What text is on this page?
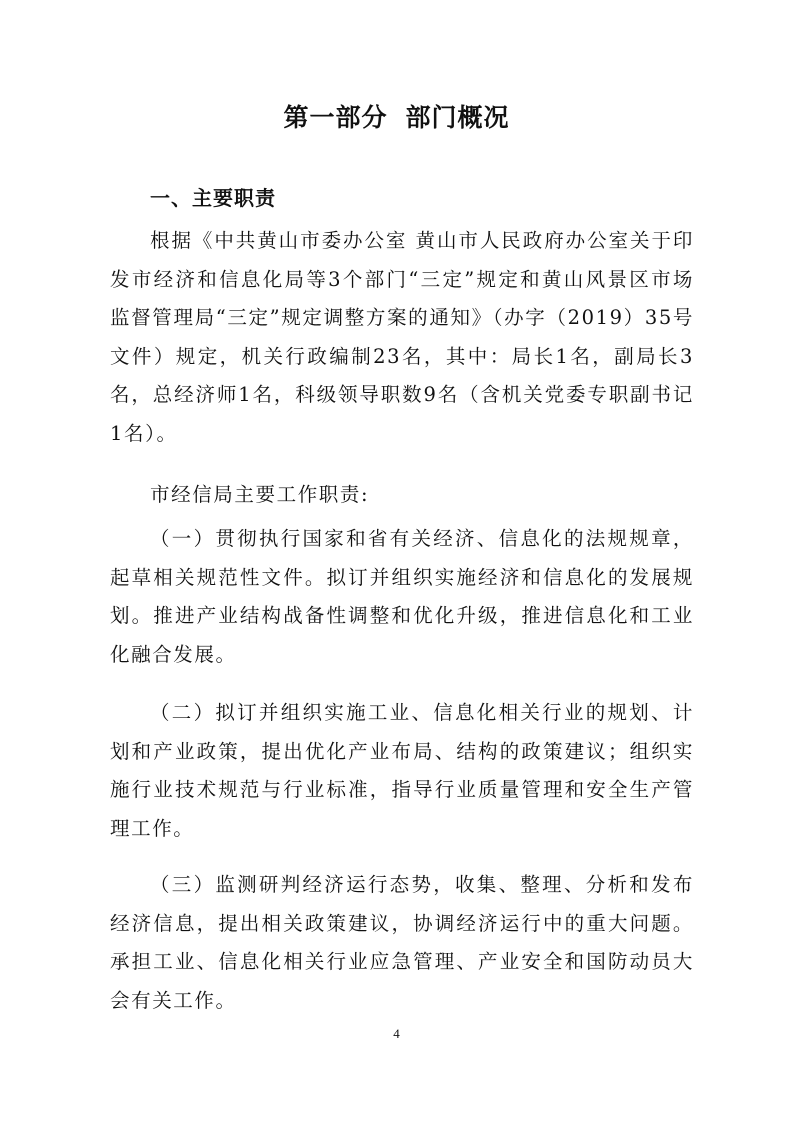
第一部分 部门概况
一、主要职责

根据《中共黄山市委办公室 黄山市人民政府办公室关于印发市经济和信息化局等3个部门“三定”规定和黄山风景区市场监督管理局“三定”规定调整方案的通知》（办字（2019）35号文件）规定，机关行政编制23名，其中：局长1名，副局长3名，总经济师1名，科级领导职数9名（含机关党委专职副书记1名）。

市经信局主要工作职责:

（一）贯彻执行国家和省有关经济、信息化的法规规章，起草相关规范性文件。拟订并组织实施经济和信息化的发展规划。推进产业结构战备性调整和优化升级，推进信息化和工业化融合发展。

（二）拟订并组织实施工业、信息化相关行业的规划、计划和产业政策，提出优化产业布局、结构的政策建议；组织实施行业技术规范与行业标准，指导行业质量管理和安全生产管理工作。

（三）监测研判经济运行态势，收集、整理、分析和发布经济信息，提出相关政策建议，协调经济运行中的重大问题。承担工业、信息化相关行业应急管理、产业安全和国防动员大会有关工作。

4
